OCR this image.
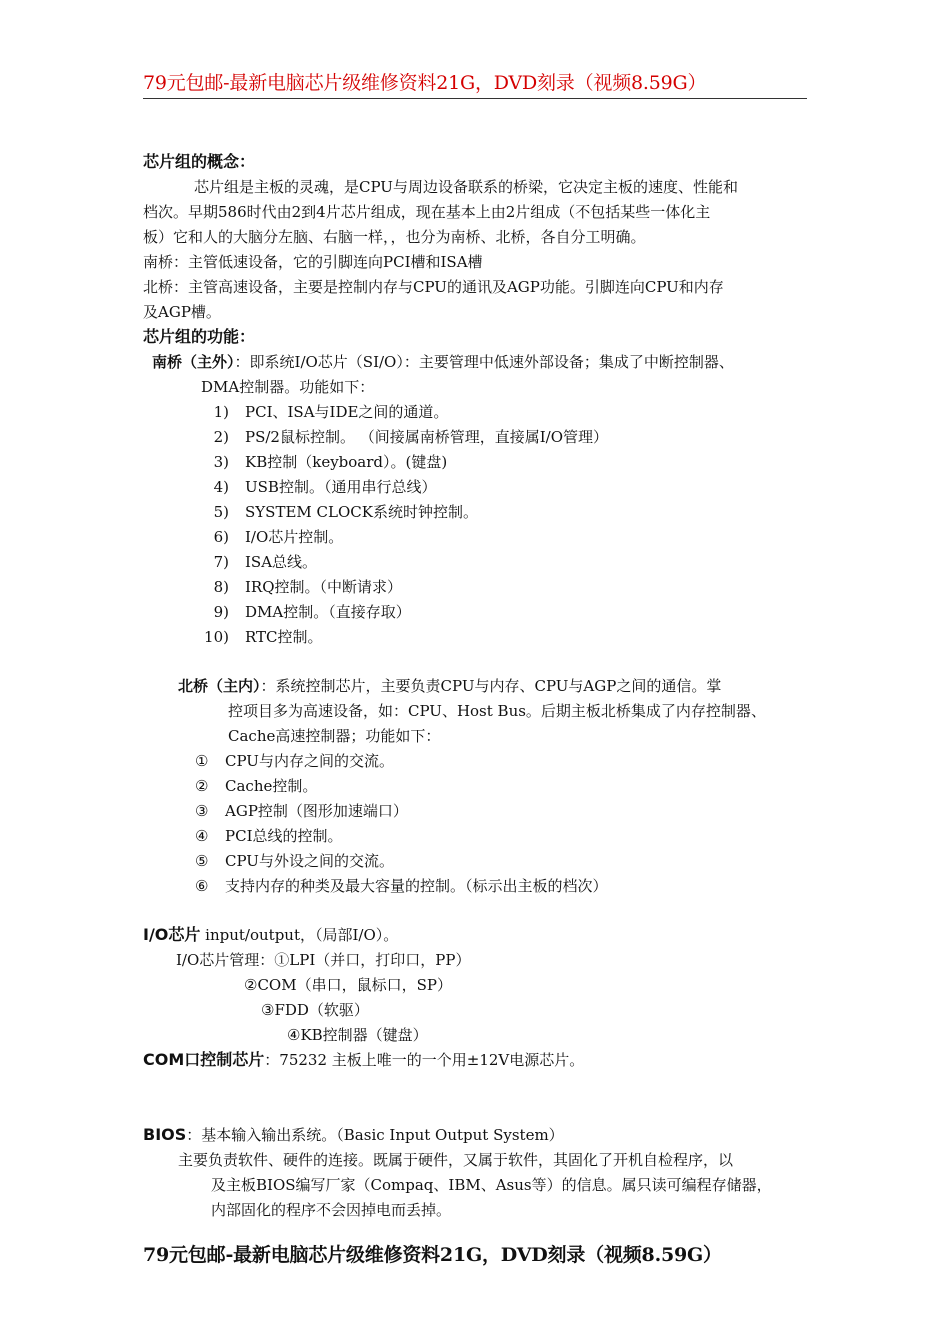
79元包邮-最新电脑芯片级维修资料21G，DVD刻录（视频8.59G）
芯片组的概念：
芯片组是主板的灵魂，是CPU与周边设备联系的桥梁，它决定主板的速度、性能和
档次。早期586时代由2到4片芯片组成，现在基本上由2片组成（不包括某些一体化主
板）它和人的大脑分左脑、右脑一样，，也分为南桥、北桥，各自分工明确。
南桥：主管低速设备，它的引脚连向PCI槽和ISA槽
北桥：主管高速设备，主要是控制内存与CPU的通讯及AGP功能。引脚连向CPU和内存
及AGP槽。
芯片组的功能：
南桥（主外）：即系统I/O芯片（SI/O）：主要管理中低速外部设备；集成了中断控制器、
DMA控制器。功能如下：
1) PCI、ISA与IDE之间的通道。
2) PS/2鼠标控制。 （间接属南桥管理，直接属I/O管理）
3) KB控制（keyboard）。(键盘)
4) USB控制。（通用串行总线）
5) SYSTEM CLOCK系统时钟控制。
6) I/O芯片控制。
7) ISA总线。
8) IRQ控制。（中断请求）
9) DMA控制。（直接存取）
10) RTC控制。
北桥（主内）：系统控制芯片，主要负责CPU与内存、CPU与AGP之间的通信。掌
控项目多为高速设备，如：CPU、Host Bus。后期主板北桥集成了内存控制器、
Cache高速控制器；功能如下：
① CPU与内存之间的交流。
② Cache控制。
③ AGP控制（图形加速端口）
④ PCI总线的控制。
⑤ CPU与外设之间的交流。
⑥ 支持内存的种类及最大容量的控制。（标示出主板的档次）
I/O芯片 input/output，（局部I/O）。
I/O芯片管理：①LPI（并口，打印口，PP）
②COM（串口，鼠标口，SP）
③FDD（软驱）
④KB控制器（键盘）
COM口控制芯片：75232 主板上唯一的一个用±12V电源芯片。
BIOS：基本输入输出系统。（Basic Input Output System）
主要负责软件、硬件的连接。既属于硬件，又属于软件，其固化了开机自检程序，以
及主板BIOS编写厂家（Compaq、IBM、Asus等）的信息。属只读可编程存储器，
内部固化的程序不会因掉电而丢掉。
79元包邮-最新电脑芯片级维修资料21G，DVD刻录（视频8.59G）
